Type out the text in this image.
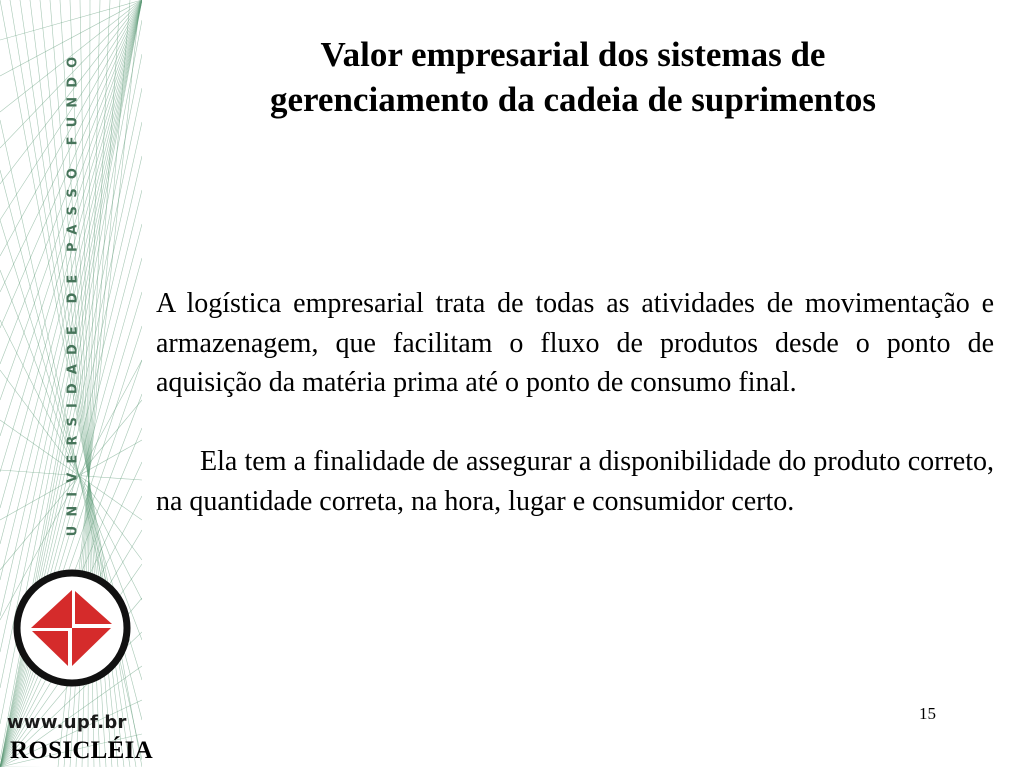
UNIVERSIDADE DE PASSO FUNDO
www.upf.br
ROSICLÉIA
Valor empresarial dos sistemas de
gerenciamento da cadeia de suprimentos

A logística empresarial trata de todas as atividades de movimentação e armazenagem, que facilitam o fluxo de produtos desde o ponto de aquisição da matéria prima até o ponto de consumo final.

Ela tem a finalidade de assegurar a disponibilidade do produto correto, na quantidade correta, na hora, lugar e consumidor certo.

15
